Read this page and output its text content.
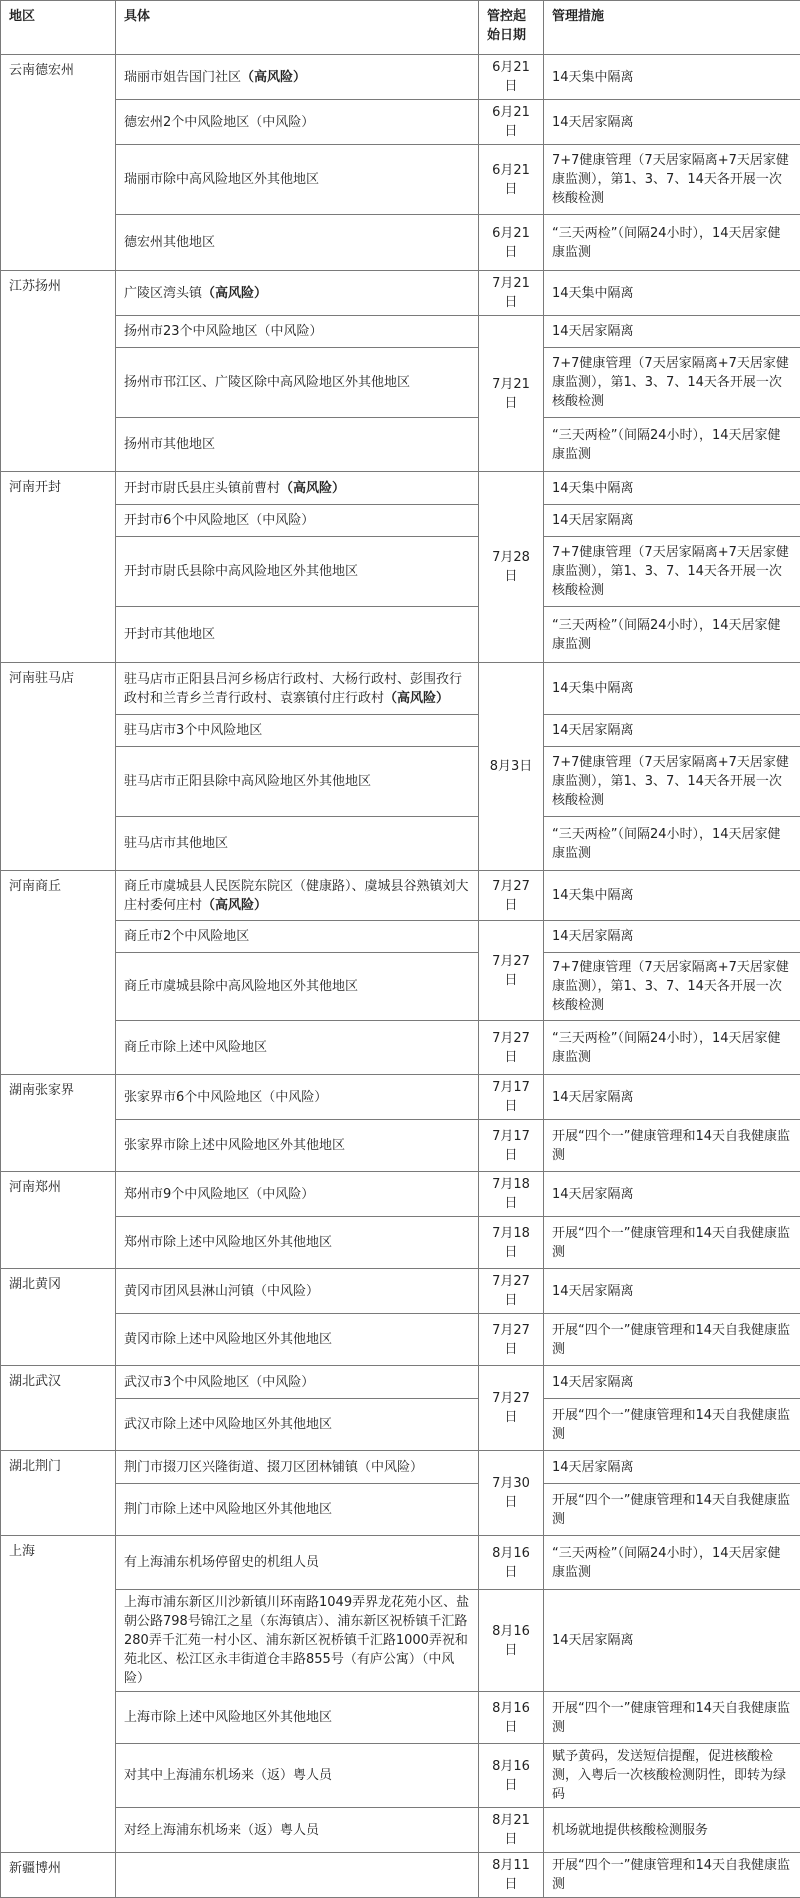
地区	具体	管控起始日期	管理措施
云南德宏州	瑞丽市姐告国门社区（高风险）	6月21日	14天集中隔离
	德宏州2个中风险地区（中风险）	6月21日	14天居家隔离
	瑞丽市除中高风险地区外其他地区	6月21日	7+7健康管理（7天居家隔离+7天居家健康监测），第1、3、7、14天各开展一次核酸检测
	德宏州其他地区	6月21日	“三天两检”（间隔24小时），14天居家健康监测
江苏扬州	广陵区湾头镇（高风险）	7月21日	14天集中隔离
	扬州市23个中风险地区（中风险）	7月21日	14天居家隔离
	扬州市邗江区、广陵区除中高风险地区外其他地区		7+7健康管理（7天居家隔离+7天居家健康监测），第1、3、7、14天各开展一次核酸检测
	扬州市其他地区		“三天两检”（间隔24小时），14天居家健康监测
河南开封	开封市尉氏县庄头镇前曹村（高风险）	7月28日	14天集中隔离
	开封市6个中风险地区（中风险）		14天居家隔离
	开封市尉氏县除中高风险地区外其他地区		7+7健康管理（7天居家隔离+7天居家健康监测），第1、3、7、14天各开展一次核酸检测
	开封市其他地区		“三天两检”（间隔24小时），14天居家健康监测
河南驻马店	驻马店市正阳县吕河乡杨店行政村、大杨行政村、彭围孜行政村和兰青乡兰青行政村、袁寨镇付庄行政村（高风险）	8月3日	14天集中隔离
	驻马店市3个中风险地区		14天居家隔离
	驻马店市正阳县除中高风险地区外其他地区		7+7健康管理（7天居家隔离+7天居家健康监测），第1、3、7、14天各开展一次核酸检测
	驻马店市其他地区		“三天两检”（间隔24小时），14天居家健康监测
河南商丘	商丘市虞城县人民医院东院区（健康路）、虞城县谷熟镇刘大庄村委何庄村（高风险）	7月27日	14天集中隔离
	商丘市2个中风险地区	7月27日	14天居家隔离
	商丘市虞城县除中高风险地区外其他地区		7+7健康管理（7天居家隔离+7天居家健康监测），第1、3、7、14天各开展一次核酸检测
	商丘市除上述中风险地区	7月27日	“三天两检”（间隔24小时），14天居家健康监测
湖南张家界	张家界市6个中风险地区（中风险）	7月17日	14天居家隔离
	张家界市除上述中风险地区外其他地区	7月17日	开展“四个一”健康管理和14天自我健康监测
河南郑州	郑州市9个中风险地区（中风险）	7月18日	14天居家隔离
	郑州市除上述中风险地区外其他地区	7月18日	开展“四个一”健康管理和14天自我健康监测
湖北黄冈	黄冈市团风县淋山河镇（中风险）	7月27日	14天居家隔离
	黄冈市除上述中风险地区外其他地区	7月27日	开展“四个一”健康管理和14天自我健康监测
湖北武汉	武汉市3个中风险地区（中风险）	7月27日	14天居家隔离
	武汉市除上述中风险地区外其他地区		开展“四个一”健康管理和14天自我健康监测
湖北荆门	荆门市掇刀区兴隆街道、掇刀区团林铺镇（中风险）	7月30日	14天居家隔离
	荆门市除上述中风险地区外其他地区		开展“四个一”健康管理和14天自我健康监测
上海	有上海浦东机场停留史的机组人员	8月16日	“三天两检”（间隔24小时），14天居家健康监测
	上海市浦东新区川沙新镇川环南路1049弄界龙花苑小区、盐朝公路798号锦江之星（东海镇店）、浦东新区祝桥镇千汇路280弄千汇苑一村小区、浦东新区祝桥镇千汇路1000弄祝和苑北区、松江区永丰街道仓丰路855号（有庐公寓）（中风险）	8月16日	14天居家隔离
	上海市除上述中风险地区外其他地区	8月16日	开展“四个一”健康管理和14天自我健康监测
	对其中上海浦东机场来（返）粤人员	8月16日	赋予黄码，发送短信提醒，促进核酸检测，入粤后一次核酸检测阴性，即转为绿码
	对经上海浦东机场来（返）粤人员	8月21日	机场就地提供核酸检测服务
新疆博州		8月11日	开展“四个一”健康管理和14天自我健康监测
